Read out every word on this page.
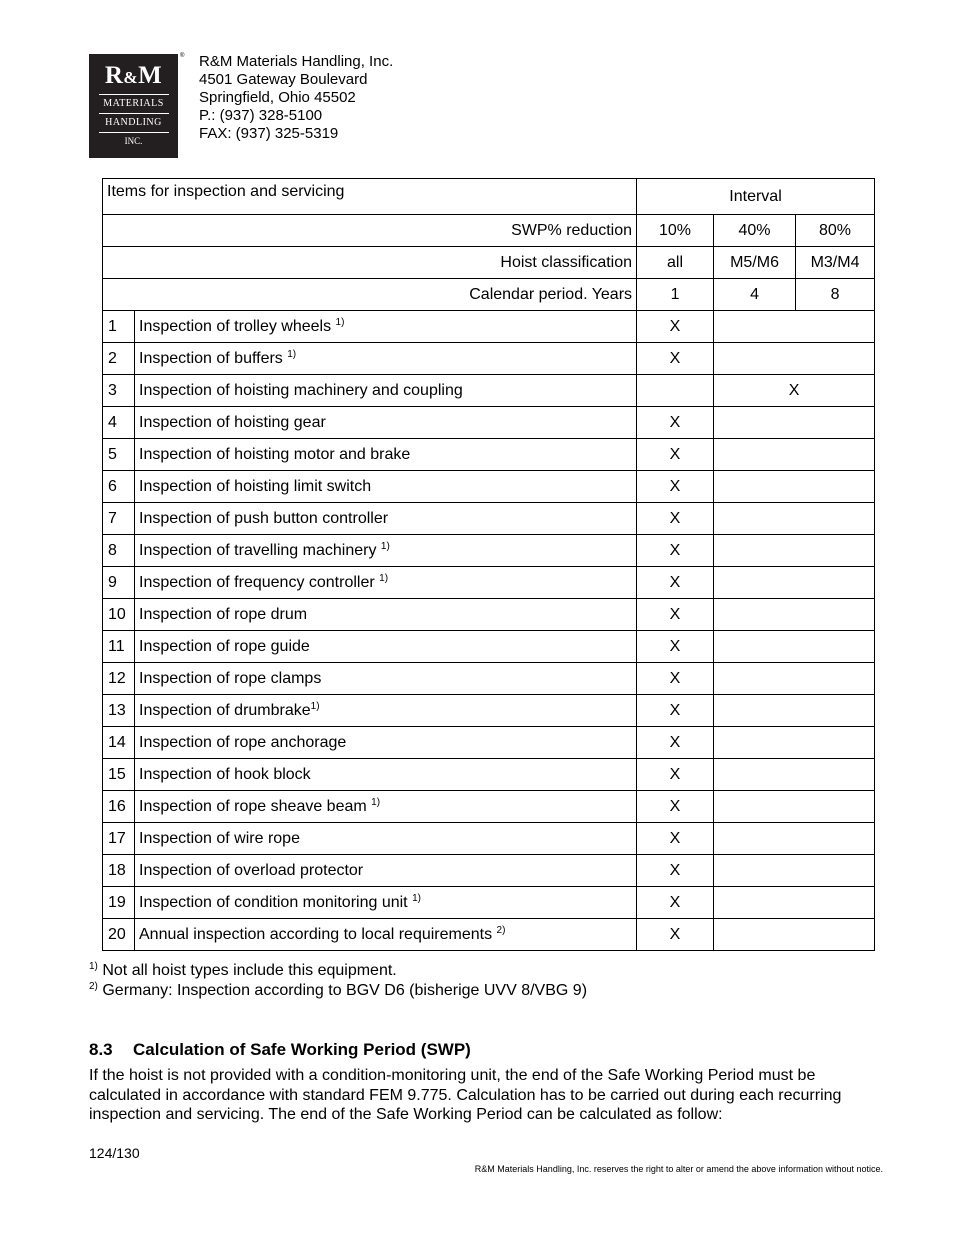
R&M
MATERIALS
HANDLING
INC.
® R&M Materials Handling, Inc.
4501 Gateway Boulevard
Springfield, Ohio 45502
P.: (937) 328-5100
FAX: (937) 325-5319
Items for inspection and servicing		Interval		
SWP% reduction		10%	40%	80%
Hoist classification		all	M5/M6	M3/M4
Calendar period. Years		1	4	8
1	Inspection of trolley wheels $^{1)}$	X		
2	Inspection of buffers $^{1)}$	X		
3	Inspection of hoisting machinery and coupling		X	
4	Inspection of hoisting gear	X		
5	Inspection of hoisting motor and brake	X		
6	Inspection of hoisting limit switch	X		
7	Inspection of push button controller	X		
8	Inspection of travelling machinery $^{1)}$	X		
9	Inspection of frequency controller $^{1)}$	X		
10	Inspection of rope drum	X		
11	Inspection of rope guide	X		
12	Inspection of rope clamps	X		
13	Inspection of drumbrake$^{1)}$	X		
14	Inspection of rope anchorage	X		
15	Inspection of hook block	X		
16	Inspection of rope sheave beam $^{1)}$	X		
17	Inspection of wire rope	X		
18	Inspection of overload protector	X		
19	Inspection of condition monitoring unit $^{1)}$	X		
20	Annual inspection according to local requirements $^{2)}$	X		
$^{1)}$ Not all hoist types include this equipment.
$^{2)}$ Germany: Inspection according to BGV D6 (bisherige UVV 8/VBG 9)
8.3 Calculation of Safe Working Period (SWP)
If the hoist is not provided with a condition-monitoring unit, the end of the Safe Working Period must be calculated in accordance with standard FEM 9.775. Calculation has to be carried out during each recurring inspection and servicing. The end of the Safe Working Period can be calculated as follow:
124/130
R&M Materials Handling, Inc. reserves the right to alter or amend the above information without notice.
